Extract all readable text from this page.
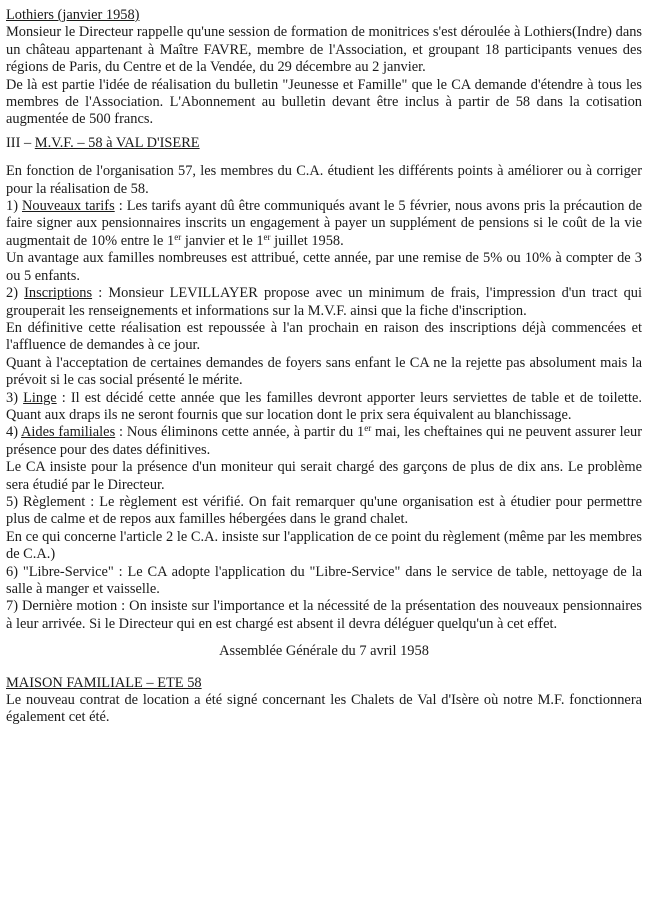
Lothiers (janvier 1958)

Monsieur le Directeur rappelle qu'une session de formation de monitrices s'est déroulée à Lothiers(Indre) dans un château appartenant à Maître FAVRE, membre de l'Association, et groupant 18 participants venues des régions de Paris, du Centre et de la Vendée, du 29 décembre au 2 janvier.

De là est partie l'idée de réalisation du bulletin "Jeunesse et Famille" que le CA demande d'étendre à tous les membres de l'Association. L'Abonnement au bulletin devant être inclus à partir de 58 dans la cotisation augmentée de 500 francs.

III – M.V.F. – 58 à VAL D'ISERE

En fonction de l'organisation 57, les membres du C.A. étudient les différents points à améliorer ou à corriger pour la réalisation de 58.

1) Nouveaux tarifs : Les tarifs ayant dû être communiqués avant le 5 février, nous avons pris la précaution de faire signer aux pensionnaires inscrits un engagement à payer un supplément de pensions si le coût de la vie augmentait de 10% entre le 1er janvier et le 1er juillet 1958.

Un avantage aux familles nombreuses est attribué, cette année, par une remise de 5% ou 10% à compter de 3 ou 5 enfants.

2) Inscriptions : Monsieur LEVILLAYER propose avec un minimum de frais, l'impression d'un tract qui grouperait les renseignements et informations sur la M.V.F. ainsi que la fiche d'inscription.

En définitive cette réalisation est repoussée à l'an prochain en raison des inscriptions déjà commencées et l'affluence de demandes à ce jour.

Quant à l'acceptation de certaines demandes de foyers sans enfant le CA ne la rejette pas absolument mais la prévoit si le cas social présenté le mérite.

3) Linge : Il est décidé cette année que les familles devront apporter leurs serviettes de table et de toilette. Quant aux draps ils ne seront fournis que sur location dont le prix sera équivalent au blanchissage.

4) Aides familiales : Nous éliminons cette année, à partir du 1er mai, les cheftaines qui ne peuvent assurer leur présence pour des dates définitives.

Le CA insiste pour la présence d'un moniteur qui serait chargé des garçons de plus de dix ans. Le problème sera étudié par le Directeur.

5) Règlement : Le règlement est vérifié. On fait remarquer qu'une organisation est à étudier pour permettre plus de calme et de repos aux familles hébergées dans le grand chalet.

En ce qui concerne l'article 2 le C.A. insiste sur l'application de ce point du règlement (même par les membres de C.A.)

6) "Libre-Service" : Le CA adopte l'application du "Libre-Service" dans le service de table, nettoyage de la salle à manger et vaisselle.

7) Dernière motion : On insiste sur l'importance et la nécessité de la présentation des nouveaux pensionnaires à leur arrivée. Si le Directeur qui en est chargé est absent il devra déléguer quelqu'un à cet effet.

Assemblée Générale du 7 avril 1958

MAISON FAMILIALE – ETE 58

Le nouveau contrat de location a été signé concernant les Chalets de Val d'Isère où notre M.F. fonctionnera également cet été.
